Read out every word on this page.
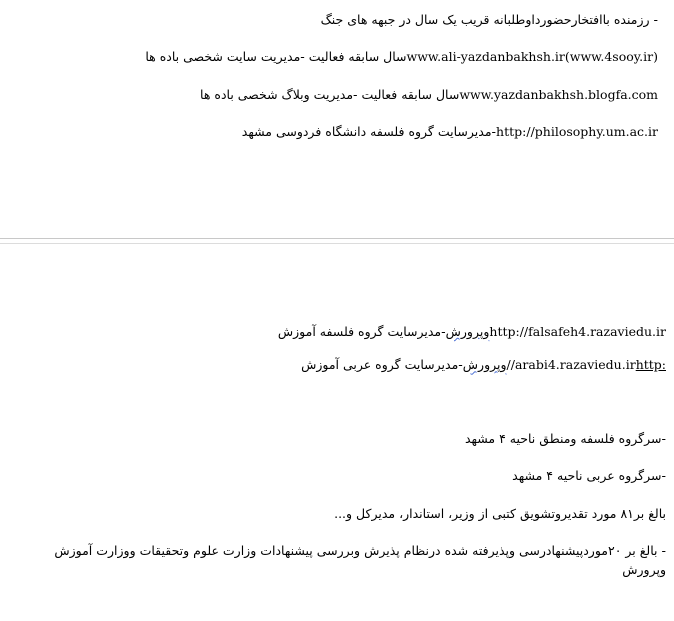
- رزمنده باافتخارحضورداوطلبانه قریب یک سال در جبهه های جنگ

www.ali-yazdanbakhsh.ir(www.4sooy.ir)سال سابقه فعالیت -مدیریت سایت شخصی باده ها

www.yazdanbakhsh.blogfa.comسال سابقه فعالیت -مدیریت وبلاگ شخصی باده ها

http://philosophy.um.ac.ir-مدیرسایت گروه فلسفه دانشگاه فردوسی مشهد

http://falsafeh4.razaviedu.irوپرورش-مدیرسایت گروه فلسفه آموزش

//arabi4.razaviedu.irhttp:وپرورش-مدیرسایت گروه عربی آموزش

-سرگروه فلسفه ومنطق ناحیه ۴ مشهد

-سرگروه عربی ناحیه ۴ مشهد

بالغ بر۸۱ مورد تقدیروتشویق کتبی از وزیر، استاندار، مدیرکل و...

- بالغ بر ۲۰موردپیشنهادرسی وپذیرفته شده درنظام پذیرش وبررسی پیشنهادات وزارت علوم وتحقیقات ووزارت آموزش وپرورش
